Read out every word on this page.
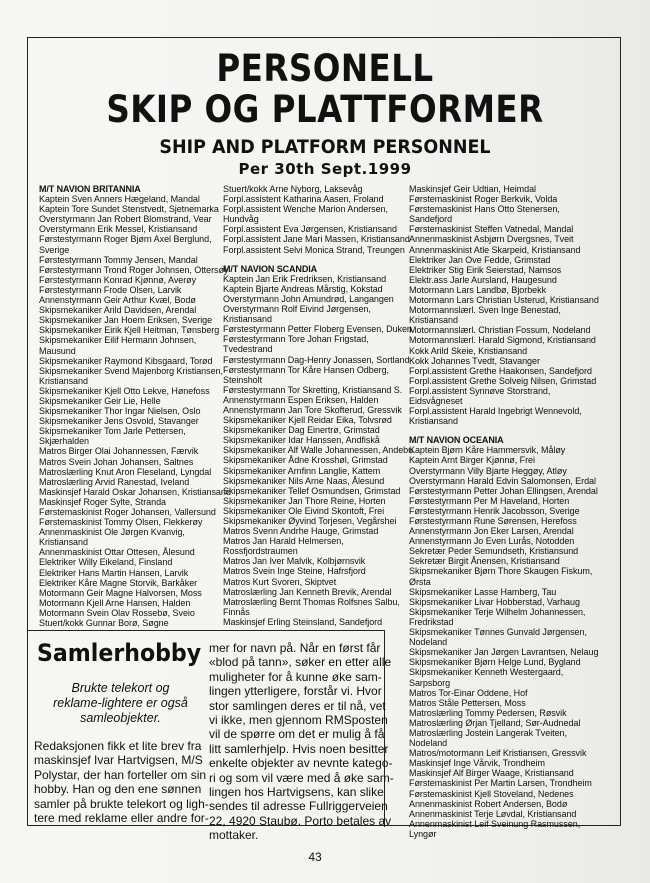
PERSONELL
SKIP OG PLATTFORMER
SHIP AND PLATFORM PERSONNEL
Per 30th Sept.1999
M/T NAVION BRITANNIA
Kaptein Sven Anners Hægeland, Mandal
Kaptein Tore Sundet Stenstvedt, Sjetnemarka
Overstyrmann Jan Robert Blomstrand, Vear
Overstyrmann Erik Messel, Kristiansand
Førstestyrmann Roger Bjørn Axel Berglund,
Sverige
Førstestyrmann Tommy Jensen, Mandal
Førstestyrmann Trond Roger Johnsen, Ottersøy
Førstestyrmann Konrad Kjønnø, Averøy
Førstestyrmann Frode Olsen, Larvik
Annenstyrmann Geir Arthur Kvæl, Bodø
Skipsmekaniker Arild Davidsen, Arendal
Skipsmekaniker Jan Hoem Eriksen, Sverige
Skipsmekaniker Eirik Kjell Heitman, Tønsberg
Skipsmekaniker Eilif Hermann Johnsen,
Mausund
Skipsmekaniker Raymond Kibsgaard, Torød
Skipsmekaniker Svend Majenborg Kristiansen,
Kristiansand
Skipsmekaniker Kjell Otto Lekve, Hønefoss
Skipsmekaniker Geir Lie, Helle
Skipsmekaniker Thor Ingar Nielsen, Oslo
Skipsmekaniker Jens Osvold, Stavanger
Skipsmekaniker Tom Jarle Pettersen,
Skjærhalden
Matros Birger Olai Johannessen, Færvik
Matros Svein Johan Johansen, Saltnes
Matroslærling Knut Aron Fleseland, Lyngdal
Matroslærling Arvid Ranestad, Iveland
Maskinsjef Harald Oskar Johansen, Kristiansand
Maskinsjef Roger Sylte, Stranda
Førstemaskinist Roger Johansen, Vallersund
Førstemaskinist Tommy Olsen, Flekkerøy
Annenmaskinist Ole Jørgen Kvanvig,
Kristiansand
Annenmaskinist Ottar Ottesen, Ålesund
Elektriker Willy Eikeland, Finsland
Elektriker Hans Martin Hansen, Larvik
Elektriker Kåre Magne Storvik, Barkåker
Motormann Geir Magne Halvorsen, Moss
Motormann Kjell Arne Hansen, Halden
Motormann Svein Olav Rossebø, Sveio
Stuert/kokk Gunnar Borø, Søgne
Stuert/kokk Arne Nyborg, Laksevåg
Forpl.assistent Katharina Aasen, Froland
Forpl.assistent Wenche Marion Andersen,
Hundvåg
Forpl.assistent Eva Jørgensen, Kristiansand
Forpl.assistent Jane Mari Massen, Kristiansand
Forpl.assistent Selvi Monica Strand, Treungen
M/T NAVION SCANDIA
Kaptein Jan Erik Fredriksen, Kristiansand
Kaptein Bjarte Andreas Mårstig, Kokstad
Overstyrmann John Amundrød, Langangen
Overstyrmann Rolf Eivind Jørgensen,
Kristiansand
Førstestyrmann Petter Floberg Evensen, Duken
Førstestyrmann Tore Johan Frigstad,
Tvedestrand
Førstestyrmann Dag-Henry Jonassen, Sortland
Førstestyrmann Tor Kåre Hansen Odberg,
Steinsholt
Førstestyrmann Tor Skretting, Kristiansand S.
Annenstyrmann Espen Eriksen, Halden
Annenstyrmann Jan Tore Skofterud, Gressvik
Skipsmekaniker Kjell Reidar Eika, Tolvsrød
Skipsmekaniker Dag Einertrø, Grimstad
Skipsmekaniker Idar Hanssen, Andfiskå
Skipsmekaniker Alf Walle Johannessen, Andebu
Skipsmekaniker Ådne Krosshøl, Grimstad
Skipsmekaniker Arnfinn Langlie, Kattem
Skipsmekaniker Nils Arne Naas, Ålesund
Skipsmekaniker Tellef Osmundsen, Grimstad
Skipsmekaniker Jan Thore Reine, Horten
Skipsmekaniker Ole Eivind Skontoft, Frei
Skipsmekaniker Øyvind Torjesen, Vegårshei
Matros Svenn Andrhe Hauge, Grimstad
Matros Jan Harald Helmersen,
Rossfjordstraumen
Matros Jan Iver Malvik, Kolbjørnsvik
Matros Svein Inge Steine, Hafrsfjord
Matros Kurt Svoren, Skiptvet
Matroslærling Jan Kenneth Brevik, Arendal
Matroslærling Bernt Thomas Rolfsnes Salbu,
Finnås
Maskinsjef Erling Steinsland, Sandefjord
Maskinsjef Geir Udtian, Heimdal
Førstemaskinist Roger Berkvik, Volda
Førstemaskinist Hans Otto Stenersen,
Sandefjord
Førstemaskinist Steffen Vatnedal, Mandal
Annenmaskinist Asbjørn Dvergsnes, Tveit
Annenmaskinist Atle Skarpeid, Kristiansand
Elektriker Jan Ove Fedde, Grimstad
Elektriker Stig Eirik Seierstad, Namsos
Elektr.ass Jarle Aursland, Haugesund
Motormann Lars Landbø, Bjorbekk
Motormann Lars Christian Usterud, Kristiansand
Motormannslærl. Sven Inge Benestad,
Kristiansand
Motormannslærl. Christian Fossum, Nodeland
Motormannslærl. Harald Sigmond, Kristiansand
Kokk Arild Skeie, Kristiansand
Kokk Johannes Tvedt, Stavanger
Forpl.assistent Grethe Haakonsen, Sandefjord
Forpl.assistent Grethe Solveig Nilsen, Grimstad
Forpl.assistent Synnøve Storstrand,
Eidsvågneset
Forpl.assistent Harald Ingebrigt Wennevold,
Kristiansand
M/T NAVION OCEANIA
Kaptein Bjørn Kåre Hammersvik, Måløy
Kaptein Arnt Birger Kjønnø, Frei
Overstyrmann Villy Bjarte Heggøy, Atløy
Overstyrmann Harald Edvin Salomonsen, Erdal
Førstestyrmann Petter Johan Ellingsen, Arendal
Førstestyrmann Per M Haveland, Horten
Førstestyrmann Henrik Jacobsson, Sverige
Førstestyrmann Rune Sørensen, Herefoss
Annenstyrmann Jon Eker Larsen, Arendal
Annenstyrmann Jo Even Lurås, Notodden
Sekretær Peder Semundseth, Kristiansund
Sekretær Birgit Ånensen, Kristiansand
Skipsmekaniker Bjørn Thore Skaugen Fiskum,
Ørsta
Skipsmekaniker Lasse Hamberg, Tau
Skipsmekaniker Livar Hobberstad, Varhaug
Skipsmekaniker Terje Wilhelm Johannessen,
Fredrikstad
Skipsmekaniker Tønnes Gunvald Jørgensen,
Nodeland
Skipsmekaniker Jan Jørgen Lavrantsen, Nelaug
Skipsmekaniker Bjørn Helge Lund, Bygland
Skipsmekaniker Kenneth Westergaard,
Sarpsborg
Matros Tor-Einar Oddene, Hof
Matros Ståle Pettersen, Moss
Matroslærling Tommy Pedersen, Røsvik
Matroslærling Ørjan Tjelland, Sør-Audnedal
Matroslærling Jostein Langerak Tveiten,
Nodeland
Matros/motormann Leif Kristiansen, Gressvik
Maskinsjef Inge Vårvik, Trondheim
Maskinsjef Alf Birger Waage, Kristiansand
Førstemaskinist Per Martin Larsen, Trondheim
Førstemaskinist Kjell Stoveland, Nedenes
Annenmaskinist Robert Andersen, Bodø
Annenmaskinist Terje Løvdal, Kristiansand
Annenmaskinist Leif Sveinung Rasmussen,
Lyngør
Samlerhobby
Brukte telekort og
reklame-lightere er også
samleobjekter.
Redaksjonen fikk et lite brev fra
maskinsjef Ivar Hartvigsen, M/S
Polystar, der han forteller om sin
hobby. Han og den ene sønnen
samler på brukte telekort og ligh-
tere med reklame eller andre for-
mer for navn på. Når en først får
«blod på tann», søker en etter alle
muligheter for å kunne øke sam-
lingen ytterligere, forstår vi. Hvor
stor samlingen deres er til nå, vet
vi ikke, men gjennom RMSposten
vil de spørre om det er mulig å få
litt samlerhjelp. Hvis noen besitter
enkelte objekter av nevnte katego-
ri og som vil være med å øke sam-
lingen hos Hartvigsens, kan slike
sendes til adresse Fullriggerveien
22, 4920 Staubø. Porto betales av
mottaker.
43
